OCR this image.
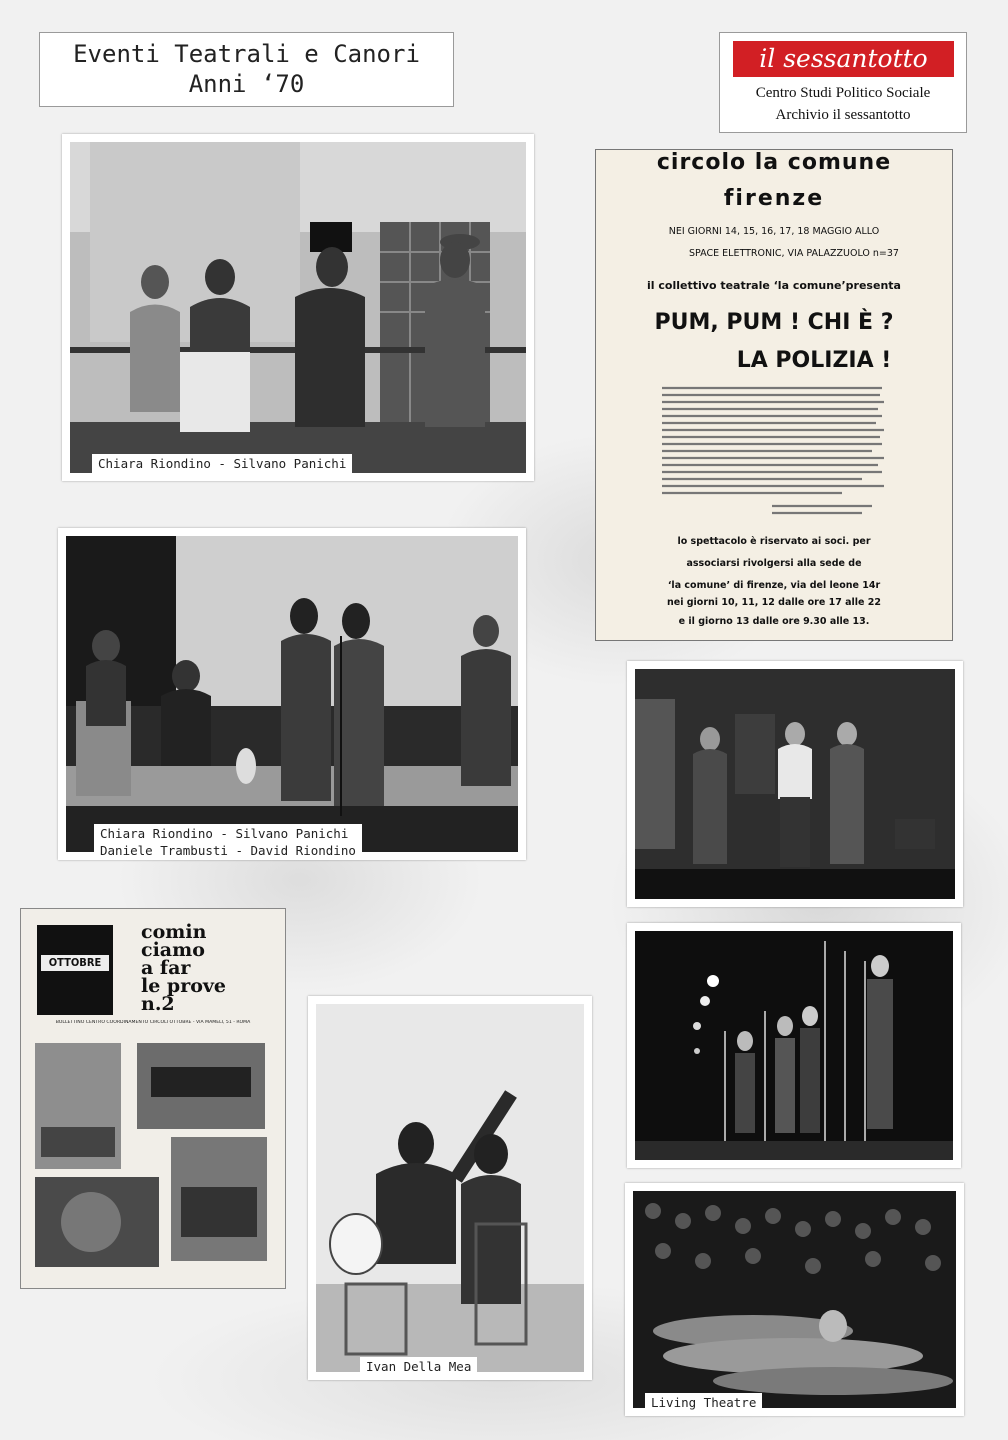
Eventi Teatrali e Canori
Anni ‘70
il sessantotto
Centro Studi Politico Sociale
Archivio il sessantotto
Chiara Riondino - Silvano Panichi
circolo la comune
firenze
NEI GIORNI 14, 15, 16, 17, 18 MAGGIO ALLO
SPACE ELETTRONIC, VIA PALAZZUOLO n=37
il collettivo teatrale ‘la comune’presenta
PUM, PUM ! CHI È ?
LA POLIZIA !
lo spettacolo è riservato ai soci. per
associarsi rivolgersi alla sede de
‘la comune’ di firenze, via del leone 14r
nei giorni 10, 11, 12 dalle ore 17 alle 22
e il giorno 13 dalle ore 9.30 alle 13.
Chiara Riondino - Silvano Panichi
Daniele Trambusti - David Riondino
OTTOBRE
comin
ciamo
a far
le prove
n.2
BOLLETTINO CENTRO COORDINAMENTO CIRCOLI OTTOBRE - VIA MAMELI, 51 - ROMA
Ivan Della Mea
Living Theatre
